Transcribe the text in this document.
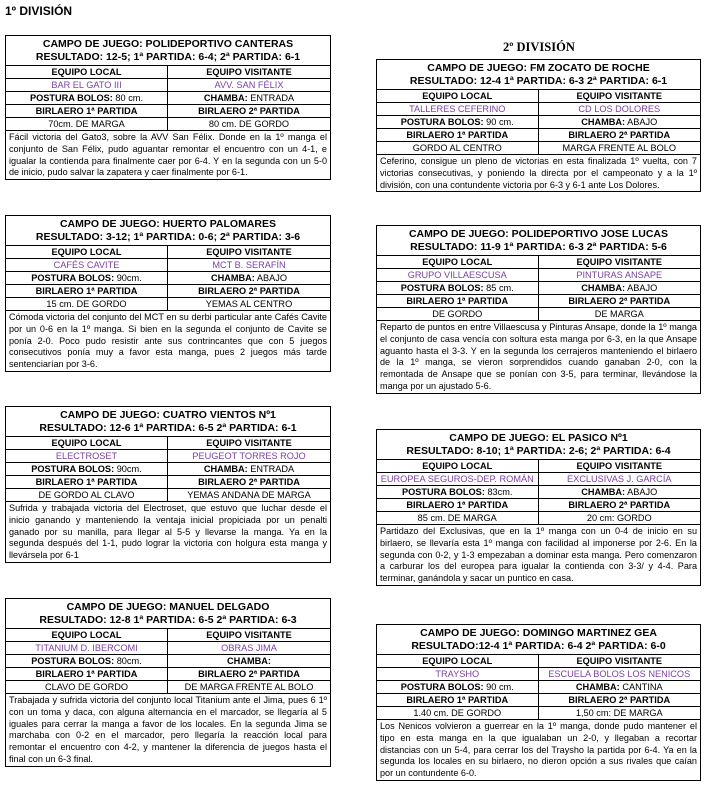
1º DIVISIÓN
2º DIVISIÓN
CAMPO DE JUEGO: POLIDEPORTIVO CANTERAS
RESULTADO: 12-5; 1ª PARTIDA: 6-4; 2ª PARTIDA: 6-1
EQUIPO LOCAL	EQUIPO VISITANTE
BAR EL GATO III	AVV. SAN FÉLIX
POSTURA BOLOS: 80 cm.	CHAMBA: ENTRADA
BIRLAERO 1ª PARTIDA	BIRLAERO 2ª PARTIDA
70cm. DE MARGA	80 cm. DE GORDO
Fácil victoria del Gato3, sobre la AVV San Félix. Donde en la 1º manga el conjunto de San Félix, pudo aguantar remontar el encuentro con un 4-1, e igualar la contienda para finalmente caer por 6-4. Y en la segunda con un 5-0 de inicio, pudo salvar la zapatera y caer finalmente por 6-1.
CAMPO DE JUEGO: HUERTO PALOMARES
RESULTADO: 3-12; 1ª PARTIDA: 0-6; 2ª PARTIDA: 3-6
EQUIPO LOCAL	EQUIPO VISITANTE
CAFÉS CAVITE	MCT B. SERAFÍN
POSTURA BOLOS: 90cm.	CHAMBA: ABAJO
BIRLAERO 1ª PARTIDA	BIRLAERO 2ª PARTIDA
15 cm. DE GORDO	YEMAS AL CENTRO
Cómoda victoria del conjunto del MCT en su derbi particular ante Cafés Cavite por un 0-6 en la 1º manga. Si bien en la segunda el conjunto de Cavite se ponía 2-0. Poco pudo resistir ante sus contrincantes que con 5 juegos consecutivos ponía muy a favor esta manga, pues 2 juegos más tarde sentenciarían por 3-6.
CAMPO DE JUEGO: CUATRO VIENTOS Nº1
RESULTADO: 12-6 1ª PARTIDA: 6-5 2ª PARTIDA: 6-1
EQUIPO LOCAL	EQUIPO VISITANTE
ELECTROSET	PEUGEOT TORRES ROJO
POSTURA BOLOS: 90cm.	CHAMBA: ENTRADA
BIRLAERO 1ª PARTIDA	BIRLAERO 2ª PARTIDA
DE GORDO AL CLAVO	YEMAS ANDANA DE MARGA
Sufrida y trabajada victoria del Electroset, que estuvo que luchar desde el inicio ganando y manteniendo la ventaja inicial propiciada por un penalti ganado por su manilla, para llegar al 5-5 y llevarse la manga. Ya en la segunda después del 1-1, pudo lograr la victoria con holgura esta manga y llevársela por 6-1
CAMPO DE JUEGO: MANUEL DELGADO
RESULTADO: 12-8 1ª PARTIDA: 6-5 2ª PARTIDA: 6-3
EQUIPO LOCAL	EQUIPO VISITANTE
TITANIUM D. IBERCOMI	OBRAS JIMA
POSTURA BOLOS: 80cm.	CHAMBA:
BIRLAERO 1ª PARTIDA	BIRLAERO 2ª PARTIDA
CLAVO DE GORDO	DE MARGA FRENTE AL BOLO
Trabajada y sufrida victoria del conjunto local Titanium ante el Jima, pues 6 1º con un toma y daca, con alguna alternancia en el marcador, se llegaría al 5 iguales para cerrar la manga a favor de los locales. En la segunda Jima se marchaba con 0-2 en el marcador, pero llegaría la reacción local para remontar el encuentro con 4-2, y mantener la diferencia de juegos hasta el final con un 6-3 final.
CAMPO DE JUEGO: FM ZOCATO DE ROCHE
RESULTADO: 12-4 1ª PARTIDA: 6-3 2ª PARTIDA: 6-1
EQUIPO LOCAL	EQUIPO VISITANTE
TALLERES CEFERINO	CD LOS DOLORES
POSTURA BOLOS: 90 cm.	CHAMBA: ABAJO
BIRLAERO 1ª PARTIDA	BIRLAERO 2ª PARTIDA
GORDO AL CENTRO	MARGA FRENTE AL BOLO
Ceferino, consigue un pleno de victorias en esta finalizada 1º vuelta, con 7 victorias consecutivas, y poniendo la directa por el campeonato y a la 1º división, con una contundente victoria por 6-3 y 6-1 ante Los Dolores.
CAMPO DE JUEGO: POLIDEPORTIVO JOSE LUCAS
RESULTADO: 11-9 1ª PARTIDA: 6-3 2ª PARTIDA: 5-6
EQUIPO LOCAL	EQUIPO VISITANTE
GRUPO VILLAESCUSA	PINTURAS ANSAPE
POSTURA BOLOS: 85 cm.	CHAMBA: ABAJO
BIRLAERO 1ª PARTIDA	BIRLAERO 2ª PARTIDA
DE GORDO	DE MARGA
Reparto de puntos en entre Villaescusa y Pinturas Ansape, donde la 1º manga el conjunto de casa vencía con soltura esta manga por 6-3, en la que Ansape aguanto hasta el 3-3. Y en la segunda los cerrajeros manteniendo el birlaero de la 1º manga, se vieron sorprendidos cuando ganaban 2-0, con la remontada de Ansape que se ponían con 3-5, para terminar, llevándose la manga por un ajustado 5-6.
CAMPO DE JUEGO: EL PASICO Nº1
RESULTADO: 8-10; 1ª PARTIDA: 2-6; 2ª PARTIDA: 6-4
EQUIPO LOCAL	EQUIPO VISITANTE
EUROPEA SEGUROS-DEP. ROMÁN	EXCLUSIVAS J. GARCÍA
POSTURA BOLOS: 83cm.	CHAMBA: ABAJO
BIRLAERO 1ª PARTIDA	BIRLAERO 2ª PARTIDA
85 cm. DE MARGA	20 cm: GORDO
Partidazo del Exclusivas, que en la 1º manga con un 0-4 de inicio en su birlaero, se llevaría esta 1º manga con facilidad al imponerse por 2-6. En la segunda con 0-2, y 1-3 empezaban a dominar esta manga. Pero comenzaron a carburar los del europea para igualar la contienda con 3-3/ y 4-4. Para terminar, ganándola y sacar un puntico en casa.
CAMPO DE JUEGO: DOMINGO MARTINEZ GEA
RESULTADO:12-4 1ª PARTIDA: 6-4 2ª PARTIDA: 6-0
EQUIPO LOCAL	EQUIPO VISITANTE
TRAYSHO	ESCUELA BOLOS LOS NENICOS
POSTURA BOLOS: 90 cm.	CHAMBA: CANTINA
BIRLAERO 1ª PARTIDA	BIRLAERO 2ª PARTIDA
1.40 cm. DE GORDO	1,50 cm: DE MARGA
Los Nenicos volvieron a guerrear en la 1º manga, donde pudo mantener el tipo en esta manga en la que igualaban un 2-0, y llegaban a recortar distancias con un 5-4, para cerrar los del Traysho la partida por 6-4. Ya en la segunda los locales en su birlaero, no dieron opción a sus rivales que caían por un contundente 6-0.
